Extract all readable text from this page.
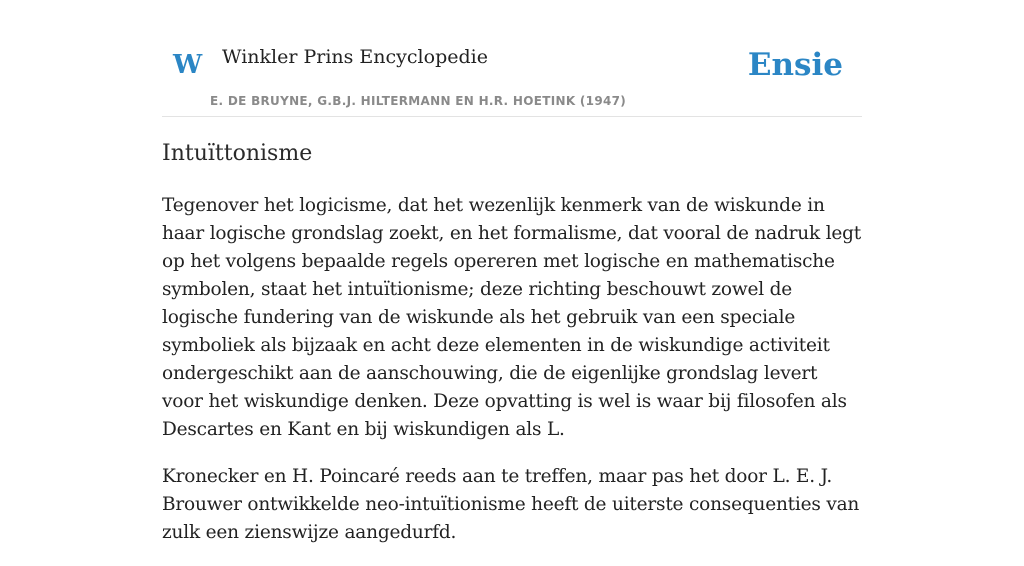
W Winkler Prins Encyclopedie
E. DE BRUYNE, G.B.J. HILTERMANN EN H.R. HOETINK (1947)
Ensie
Intuïttonisme

Tegenover het logicisme, dat het wezenlijk kenmerk van de wiskunde in haar logische grondslag zoekt, en het formalisme, dat vooral de nadruk legt op het volgens bepaalde regels opereren met logische en mathematische symbolen, staat het intuïtionisme; deze richting beschouwt zowel de logische fundering van de wiskunde als het gebruik van een speciale symboliek als bijzaak en acht deze elementen in de wiskundige activiteit ondergeschikt aan de aanschouwing, die de eigenlijke grondslag levert voor het wiskundige denken. Deze opvatting is wel is waar bij filosofen als Descartes en Kant en bij wiskundigen als L.

Kronecker en H. Poincaré reeds aan te treffen, maar pas het door L. E. J. Brouwer ontwikkelde neo-intuïtionisme heeft de uiterste consequenties van zulk een zienswijze aangedurfd.
